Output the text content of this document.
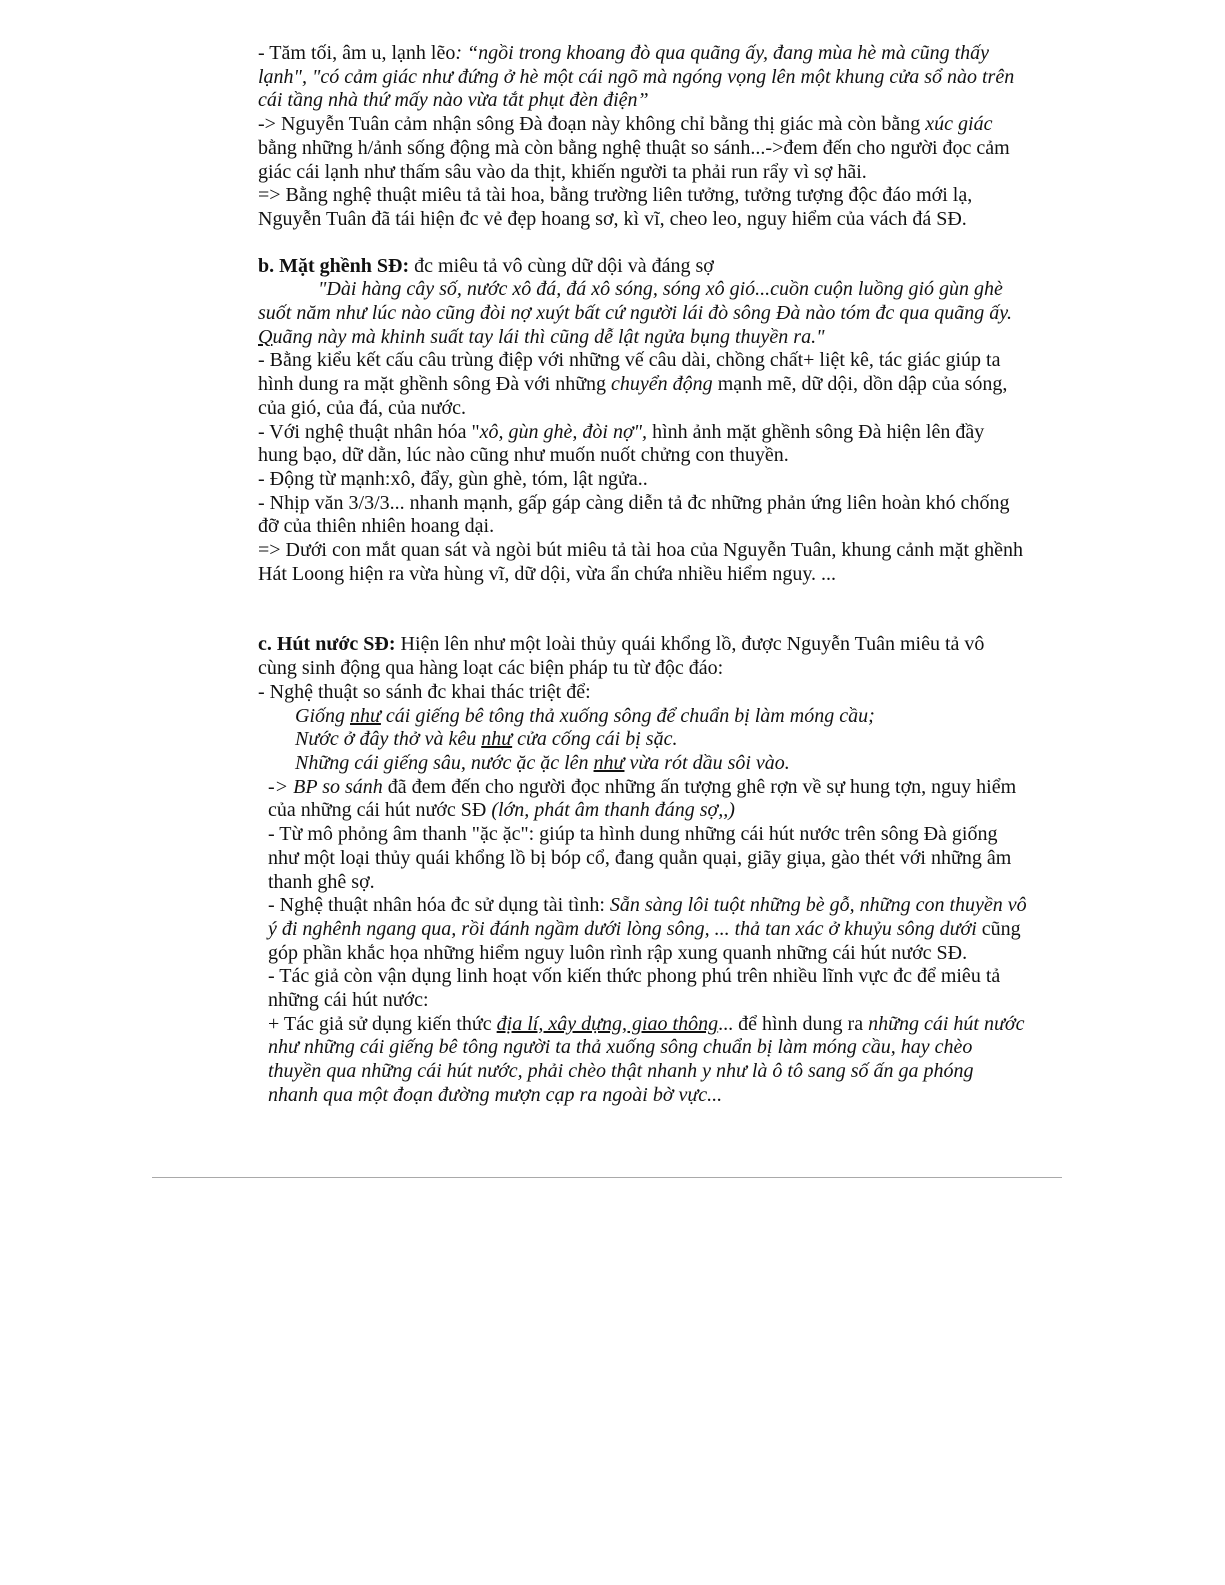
- Tăm tối, âm u, lạnh lẽo: “ngồi trong khoang đò qua quãng ấy, đang mùa hè mà cũng thấy lạnh", "có cảm giác như đứng ở hè một cái ngõ mà ngóng vọng lên một khung cửa sổ nào trên cái tầng nhà thứ mấy nào vừa tắt phụt đèn điện”

-> Nguyễn Tuân cảm nhận sông Đà đoạn này không chỉ bằng thị giác mà còn bằng xúc giác bằng những h/ảnh sống động mà còn bằng nghệ thuật so sánh...->đem đến cho người đọc cảm giác cái lạnh như thấm sâu vào da thịt, khiến người ta phải run rẩy vì sợ hãi.

=> Bằng nghệ thuật miêu tả tài hoa, bằng trường liên tưởng, tưởng tượng độc đáo mới lạ, Nguyễn Tuân đã tái hiện đc vẻ đẹp hoang sơ, kì vĩ, cheo leo, nguy hiểm của vách đá SĐ.

b. Mặt ghềnh SĐ: đc miêu tả vô cùng dữ dội và đáng sợ

"Dài hàng cây số, nước xô đá, đá xô sóng, sóng xô gió...cuồn cuộn luồng gió gùn ghè suốt năm như lúc nào cũng đòi nợ xuýt bất cứ người lái đò sông Đà nào tóm đc qua quãng ấy. Quãng này mà khinh suất tay lái thì cũng dễ lật ngửa bụng thuyền ra."

- Bằng kiểu kết cấu câu trùng điệp với những vế câu dài, chồng chất+ liệt kê, tác giác giúp ta hình dung ra mặt ghềnh sông Đà với những chuyển động mạnh mẽ, dữ dội, dồn dập của sóng, của gió, của đá, của nước.

- Với nghệ thuật nhân hóa "xô, gùn ghè, đòi nợ", hình ảnh mặt ghềnh sông Đà hiện lên đầy hung bạo, dữ dằn, lúc nào cũng như muốn nuốt chửng con thuyền.

- Động từ mạnh:xô, đẩy, gùn ghè, tóm, lật ngửa..

- Nhịp văn 3/3/3... nhanh mạnh, gấp gáp càng diễn tả đc những phản ứng liên hoàn khó chống đỡ của thiên nhiên hoang dại.

=> Dưới con mắt quan sát và ngòi bút miêu tả tài hoa của Nguyễn Tuân, khung cảnh mặt ghềnh Hát Loong hiện ra vừa hùng vĩ, dữ dội, vừa ẩn chứa nhiều hiểm nguy. ...

c. Hút nước SĐ: Hiện lên như một loài thủy quái khổng lồ, được Nguyễn Tuân miêu tả vô cùng sinh động qua hàng loạt các biện pháp tu từ độc đáo:

- Nghệ thuật so sánh đc khai thác triệt để:

Giống như cái giếng bê tông thả xuống sông để chuẩn bị làm móng cầu;

Nước ở đây thở và kêu như cửa cống cái bị sặc.

Những cái giếng sâu, nước ặc ặc lên như vừa rót dầu sôi vào.

-> BP so sánh đã đem đến cho người đọc những ấn tượng ghê rợn về sự hung tợn, nguy hiểm của những cái hút nước SĐ (lớn, phát âm thanh đáng sợ,,)

- Từ mô phỏng âm thanh "ặc ặc": giúp ta hình dung những cái hút nước trên sông Đà giống như một loại thủy quái khổng lồ bị bóp cổ, đang quằn quại, giãy giụa, gào thét với những âm thanh ghê sợ.

- Nghệ thuật nhân hóa đc sử dụng tài tình: Sẵn sàng lôi tuột những bè gỗ, những con thuyền vô ý đi nghênh ngang qua, rồi đánh ngầm dưới lòng sông, ... thả tan xác ở khuỷu sông dưới cũng góp phần khắc họa những hiểm nguy luôn rình rập xung quanh những cái hút nước SĐ.

- Tác giả còn vận dụng linh hoạt vốn kiến thức phong phú trên nhiều lĩnh vực đc để miêu tả những cái hút nước:

+ Tác giả sử dụng kiến thức địa lí, xây dựng, giao thông... để hình dung ra những cái hút nước như những cái giếng bê tông người ta thả xuống sông chuẩn bị làm móng cầu, hay chèo thuyền qua những cái hút nước, phải chèo thật nhanh y như là ô tô sang số ấn ga phóng nhanh qua một đoạn đường mượn cạp ra ngoài bờ vực...
